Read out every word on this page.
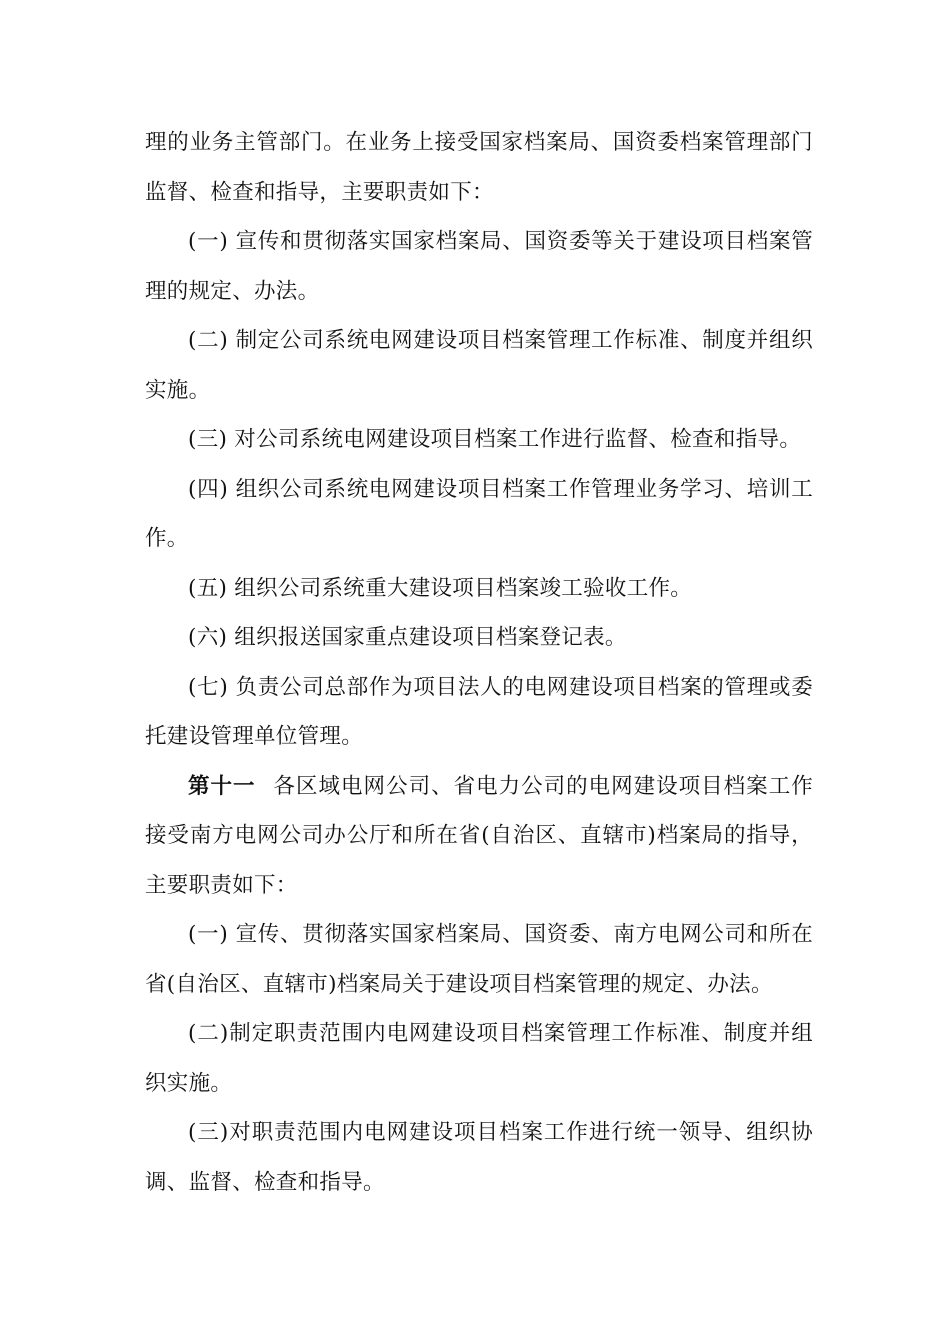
理的业务主管部门。在业务上接受国家档案局、国资委档案管理部门监督、检查和指导，主要职责如下：

(一) 宣传和贯彻落实国家档案局、国资委等关于建设项目档案管理的规定、办法。

(二) 制定公司系统电网建设项目档案管理工作标准、制度并组织实施。

(三) 对公司系统电网建设项目档案工作进行监督、检查和指导。

(四) 组织公司系统电网建设项目档案工作管理业务学习、培训工作。

(五) 组织公司系统重大建设项目档案竣工验收工作。

(六) 组织报送国家重点建设项目档案登记表。

(七) 负责公司总部作为项目法人的电网建设项目档案的管理或委托建设管理单位管理。

第十一 各区域电网公司、省电力公司的电网建设项目档案工作接受南方电网公司办公厅和所在省(自治区、直辖市)档案局的指导，主要职责如下：

(一) 宣传、贯彻落实国家档案局、国资委、南方电网公司和所在省(自治区、直辖市)档案局关于建设项目档案管理的规定、办法。

(二)制定职责范围内电网建设项目档案管理工作标准、制度并组织实施。

(三)对职责范围内电网建设项目档案工作进行统一领导、组织协调、监督、检查和指导。
